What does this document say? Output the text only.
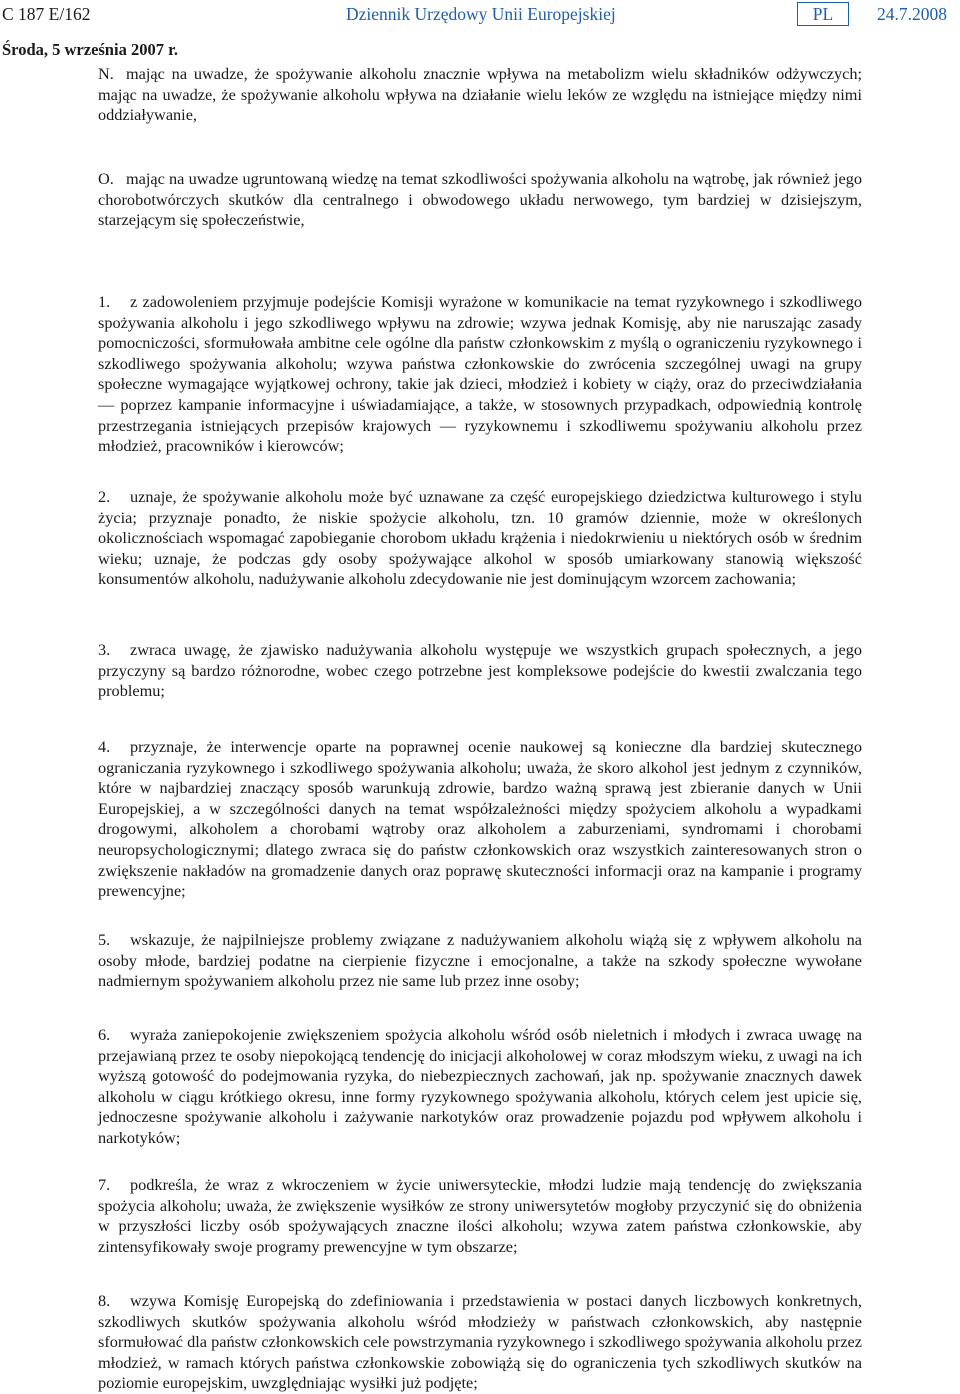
C 187 E/162	Dziennik Urzędowy Unii Europejskiej	PL	24.7.2008
Środa, 5 września 2007 r.
N. mając na uwadze, że spożywanie alkoholu znacznie wpływa na metabolizm wielu składników odżywczych; mając na uwadze, że spożywanie alkoholu wpływa na działanie wielu leków ze względu na istniejące między nimi oddziaływanie,
O. mając na uwadze ugruntowaną wiedzę na temat szkodliwości spożywania alkoholu na wątrobę, jak również jego chorobotwórczych skutków dla centralnego i obwodowego układu nerwowego, tym bardziej w dzisiejszym, starzejącym się społeczeństwie,
1. z zadowoleniem przyjmuje podejście Komisji wyrażone w komunikacie na temat ryzykownego i szkodliwego spożywania alkoholu i jego szkodliwego wpływu na zdrowie; wzywa jednak Komisję, aby nie naruszając zasady pomocniczości, sformułowała ambitne cele ogólne dla państw członkowskim z myślą o ograniczeniu ryzykownego i szkodliwego spożywania alkoholu; wzywa państwa członkowskie do zwrócenia szczególnej uwagi na grupy społeczne wymagające wyjątkowej ochrony, takie jak dzieci, młodzież i kobiety w ciąży, oraz do przeciwdziałania — poprzez kampanie informacyjne i uświadamiające, a także, w stosownych przypadkach, odpowiednią kontrolę przestrzegania istniejących przepisów krajowych — ryzykownemu i szkodliwemu spożywaniu alkoholu przez młodzież, pracowników i kierowców;
2. uznaje, że spożywanie alkoholu może być uznawane za część europejskiego dziedzictwa kulturowego i stylu życia; przyznaje ponadto, że niskie spożycie alkoholu, tzn. 10 gramów dziennie, może w określonych okolicznościach wspomagać zapobieganie chorobom układu krążenia i niedokrwieniu u niektórych osób w średnim wieku; uznaje, że podczas gdy osoby spożywające alkohol w sposób umiarkowany stanowią większość konsumentów alkoholu, nadużywanie alkoholu zdecydowanie nie jest dominującym wzorcem zachowania;
3. zwraca uwagę, że zjawisko nadużywania alkoholu występuje we wszystkich grupach społecznych, a jego przyczyny są bardzo różnorodne, wobec czego potrzebne jest kompleksowe podejście do kwestii zwalczania tego problemu;
4. przyznaje, że interwencje oparte na poprawnej ocenie naukowej są konieczne dla bardziej skutecznego ograniczania ryzykownego i szkodliwego spożywania alkoholu; uważa, że skoro alkohol jest jednym z czynników, które w najbardziej znaczący sposób warunkują zdrowie, bardzo ważną sprawą jest zbieranie danych w Unii Europejskiej, a w szczególności danych na temat współzależności między spożyciem alkoholu a wypadkami drogowymi, alkoholem a chorobami wątroby oraz alkoholem a zaburzeniami, syndromami i chorobami neuropsychologicznymi; dlatego zwraca się do państw członkowskich oraz wszystkich zainteresowanych stron o zwiększenie nakładów na gromadzenie danych oraz poprawę skuteczności informacji oraz na kampanie i programy prewencyjne;
5. wskazuje, że najpilniejsze problemy związane z nadużywaniem alkoholu wiążą się z wpływem alkoholu na osoby młode, bardziej podatne na cierpienie fizyczne i emocjonalne, a także na szkody społeczne wywołane nadmiernym spożywaniem alkoholu przez nie same lub przez inne osoby;
6. wyraża zaniepokojenie zwiększeniem spożycia alkoholu wśród osób nieletnich i młodych i zwraca uwagę na przejawianą przez te osoby niepokojącą tendencję do inicjacji alkoholowej w coraz młodszym wieku, z uwagi na ich wyższą gotowość do podejmowania ryzyka, do niebezpiecznych zachowań, jak np. spożywanie znacznych dawek alkoholu w ciągu krótkiego okresu, inne formy ryzykownego spożywania alkoholu, których celem jest upicie się, jednoczesne spożywanie alkoholu i zażywanie narkotyków oraz prowadzenie pojazdu pod wpływem alkoholu i narkotyków;
7. podkreśla, że wraz z wkroczeniem w życie uniwersyteckie, młodzi ludzie mają tendencję do zwiększania spożycia alkoholu; uważa, że zwiększenie wysiłków ze strony uniwersytetów mogłoby przyczynić się do obniżenia w przyszłości liczby osób spożywających znaczne ilości alkoholu; wzywa zatem państwa członkowskie, aby zintensyfikowały swoje programy prewencyjne w tym obszarze;
8. wzywa Komisję Europejską do zdefiniowania i przedstawienia w postaci danych liczbowych konkretnych, szkodliwych skutków spożywania alkoholu wśród młodzieży w państwach członkowskich, aby następnie sformułować dla państw członkowskich cele powstrzymania ryzykownego i szkodliwego spożywania alkoholu przez młodzież, w ramach których państwa członkowskie zobowiążą się do ograniczenia tych szkodliwych skutków na poziomie europejskim, uwzględniając wysiłki już podjęte;
